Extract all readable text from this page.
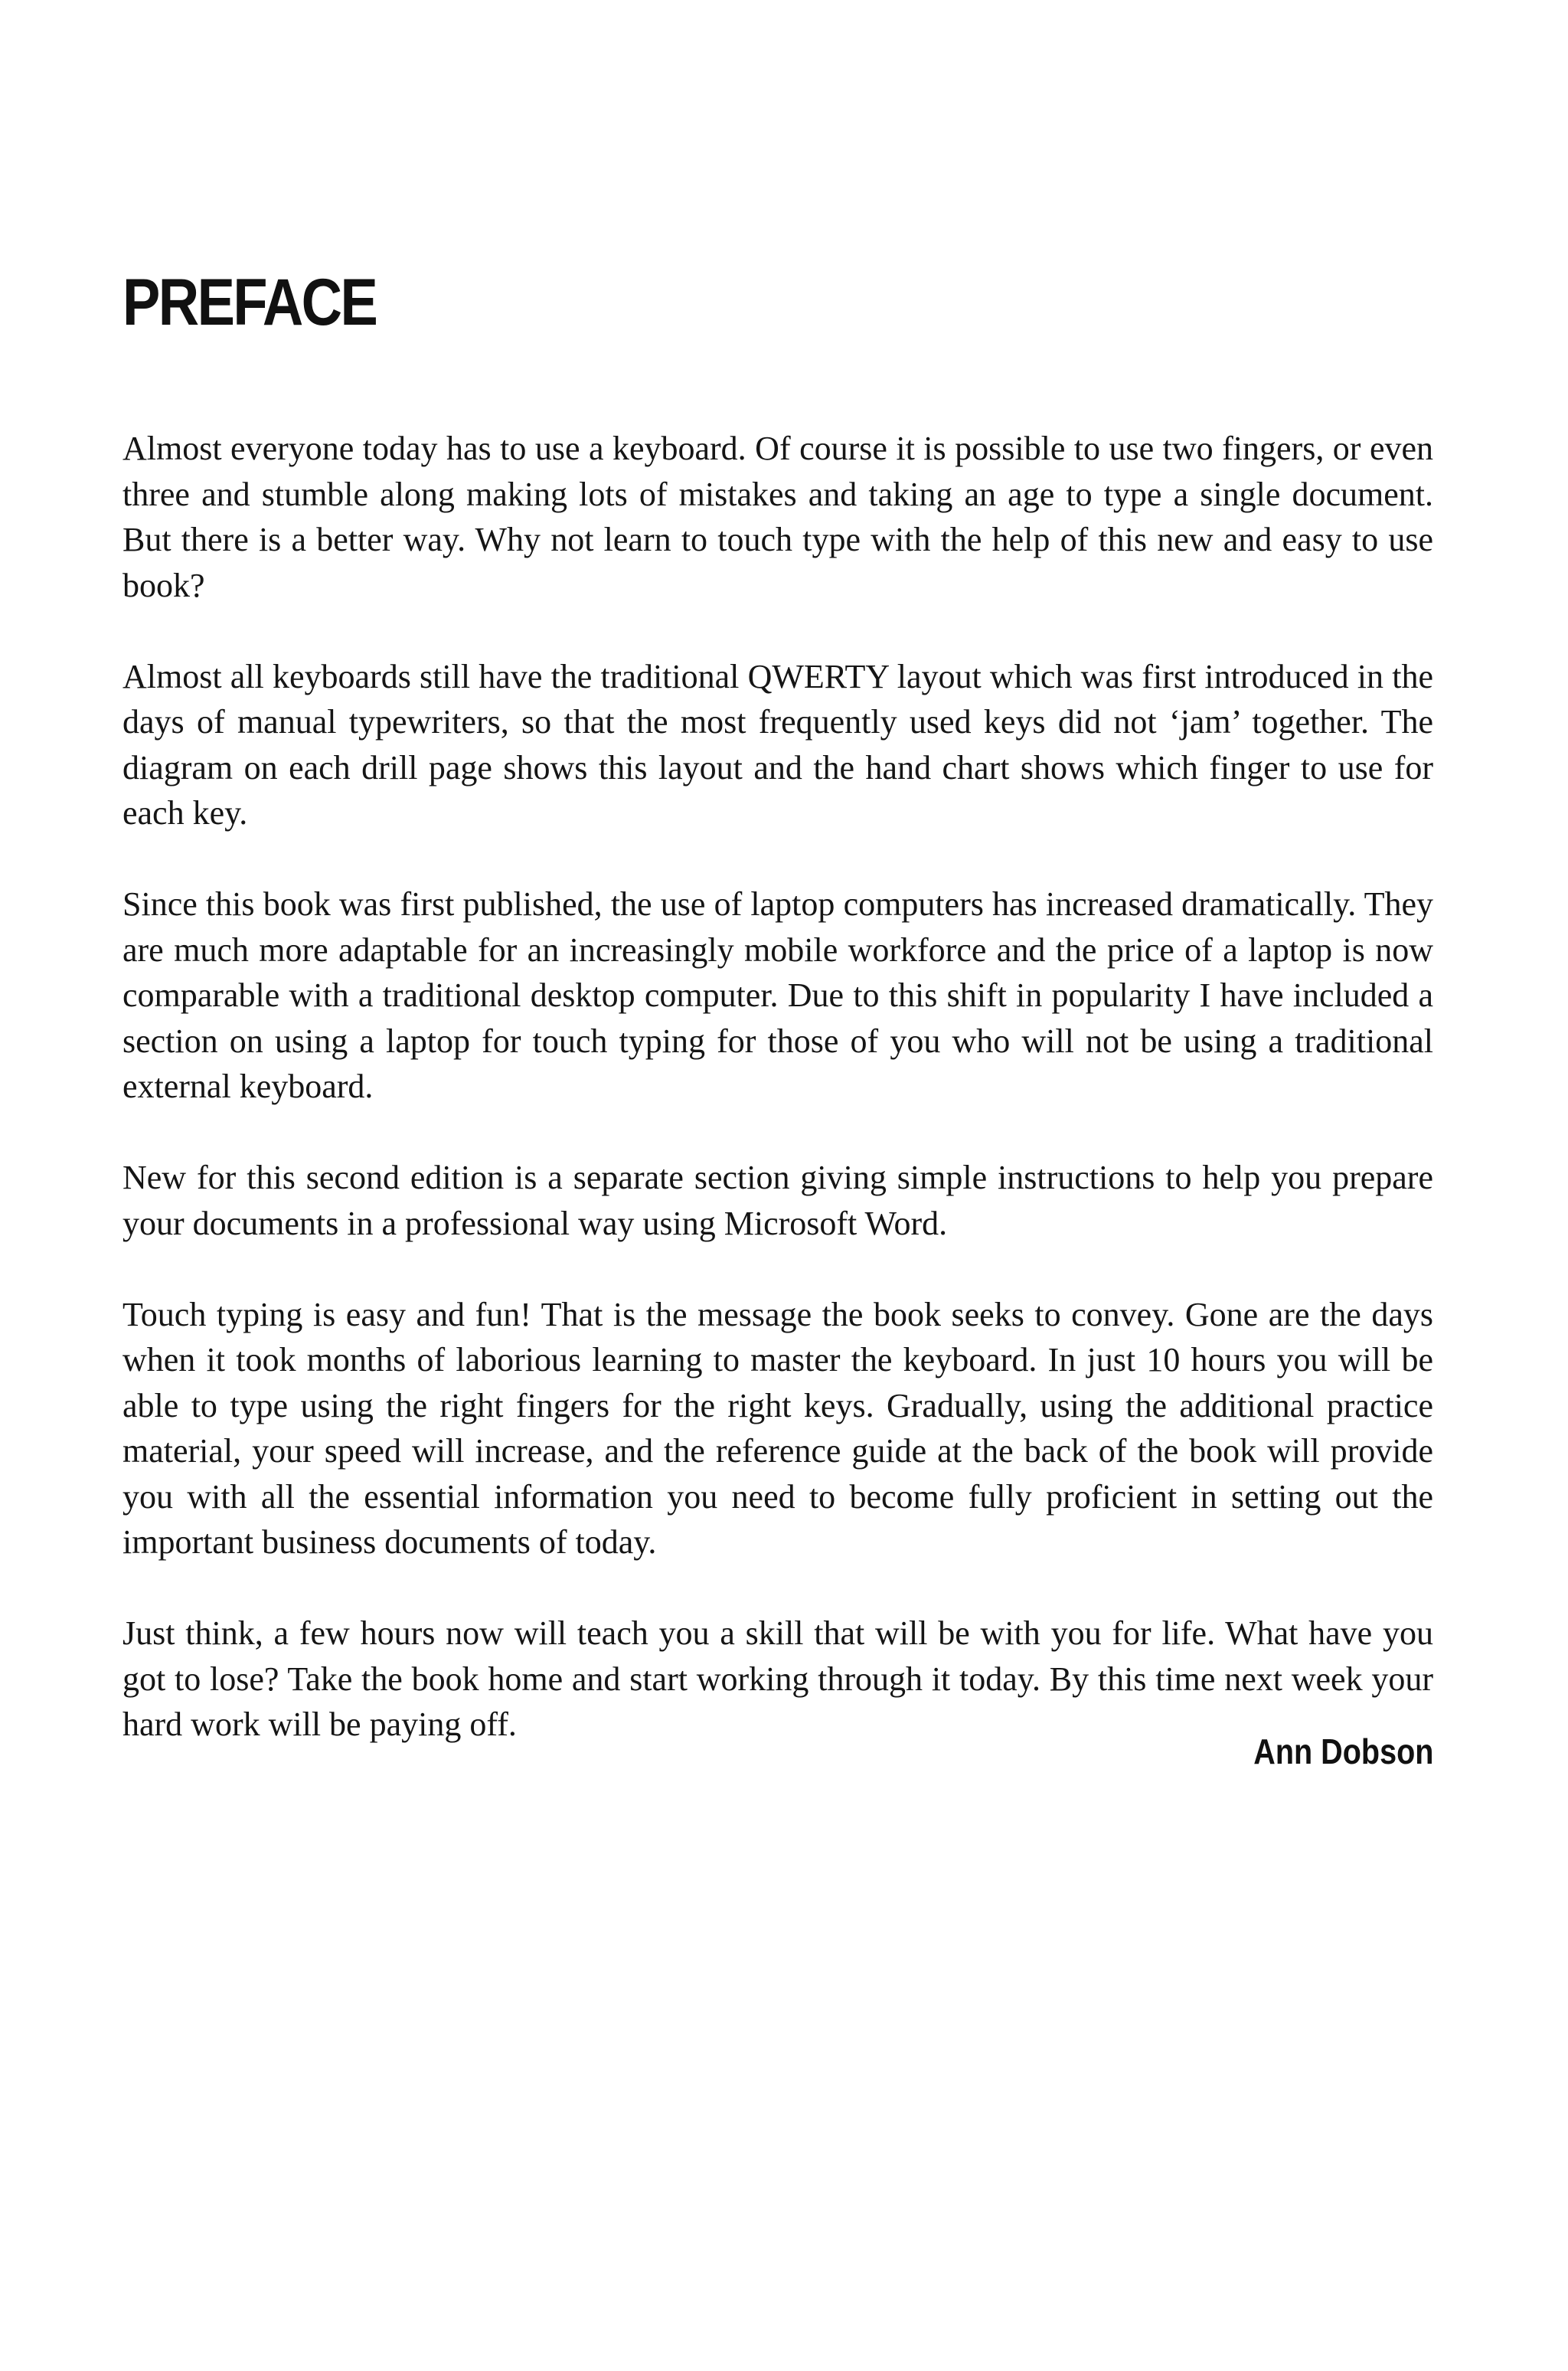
PREFACE

Almost everyone today has to use a keyboard. Of course it is possible to use two fingers, or even three and stumble along making lots of mistakes and taking an age to type a single document. But there is a better way. Why not learn to touch type with the help of this new and easy to use book?

Almost all keyboards still have the traditional QWERTY layout which was first introduced in the days of manual typewriters, so that the most frequently used keys did not ‘jam’ together. The diagram on each drill page shows this layout and the hand chart shows which finger to use for each key.

Since this book was first published, the use of laptop computers has increased dramatically. They are much more adaptable for an increasingly mobile workforce and the price of a laptop is now comparable with a traditional desktop computer. Due to this shift in popularity I have included a section on using a laptop for touch typing for those of you who will not be using a traditional external keyboard.

New for this second edition is a separate section giving simple instructions to help you prepare your documents in a professional way using Microsoft Word.

Touch typing is easy and fun! That is the message the book seeks to convey. Gone are the days when it took months of laborious learning to master the keyboard. In just 10 hours you will be able to type using the right fingers for the right keys. Gradually, using the additional practice material, your speed will increase, and the reference guide at the back of the book will provide you with all the essential information you need to become fully proficient in setting out the important business documents of today.

Just think, a few hours now will teach you a skill that will be with you for life. What have you got to lose? Take the book home and start working through it today. By this time next week your hard work will be paying off.

Ann Dobson
